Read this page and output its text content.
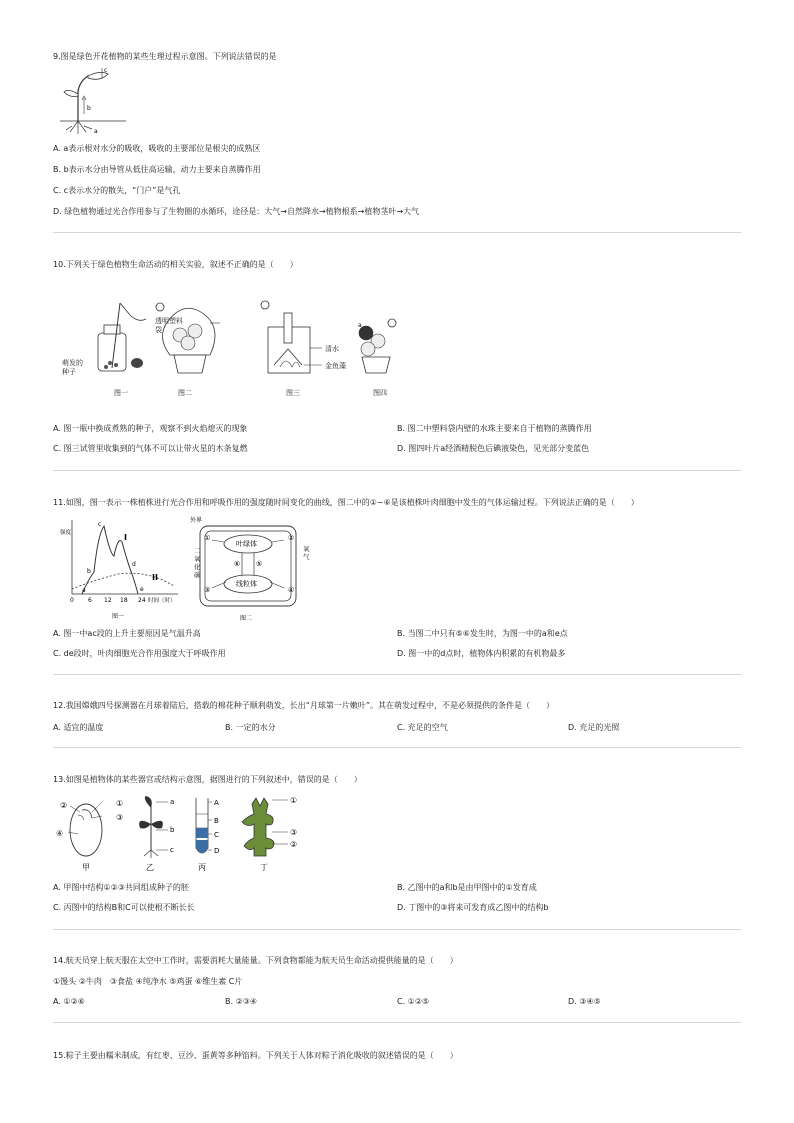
9.图是绿色开花植物的某些生理过程示意图。下列说法错误的是
c
b
a
A. a表示根对水分的吸收，吸收的主要部位是根尖的成熟区
B. b表示水分由导管从低往高运输，动力主要来自蒸腾作用
C. c表示水分的散失，“门户”是气孔
D. 绿色植物通过光合作用参与了生物圈的水循环，途径是：大气→自然降水→植物根系→植物茎叶→大气
10.下列关于绿色植物生命活动的相关实验，叙述不正确的是（　　）
a
透明塑料袋
萌发的种子
清水
金鱼藻
图一	图二	图三	图四
A. 图一瓶中换成煮熟的种子，观察不到火焰熄灭的现象	B. 图二中塑料袋内壁的水珠主要来自于植物的蒸腾作用
C. 图三试管里收集到的气体不可以让带火星的木条复燃	D. 图四叶片a经酒精脱色后碘液染色，见光部分变蓝色
11.如图，图一表示一株植株进行光合作用和呼吸作用的强度随时间变化的曲线，图二中的①~⑥是该植株叶肉细胞中发生的气体运输过程。下列说法正确的是（　　）
强度
0 6 12 18 24 时间（时）
I
II
a
b
c
d
e
图一
外界
叶绿体
线粒体
⑥ ⑤
①	②
③	④
图二
二氧化碳
氧气
A. 图一中ac段的上升主要原因是气温升高	B. 当图二中只有⑤⑥发生时，为图一中的a和e点
C. de段时，叶肉细胞光合作用强度大于呼吸作用	D. 图一中的d点时，植物体内积累的有机物最多
12.我国嫦娥四号探测器在月球着陆后，搭载的棉花种子顺利萌发，长出“月球第一片嫩叶”。其在萌发过程中，不是必须提供的条件是（　　）
A. 适宜的温度	B. 一定的水分	C. 充足的空气	D. 充足的光照
13.如图是植物体的某些器官或结构示意图，据图进行的下列叙述中，错误的是（　　）
②	①
③
④
a
b
c
A
B
C
D
①
③
②
甲	乙	丙	丁
A. 甲图中结构①②③共同组成种子的胚	B. 乙图中的a和b是由甲图中的①发育成
C. 丙图中的结构B和C可以使根不断长长	D. 丁图中的③将来可发育成乙图中的结构b
14.航天员穿上航天服在太空中工作时，需要消耗大量能量。下列食物都能为航天员生命活动提供能量的是（　　）
①馒头 ②牛肉　③食盐 ④纯净水 ⑤鸡蛋 ⑥维生素 C片
A. ①②⑥	B. ②③④	C. ①②⑤	D. ③④⑤
15.粽子主要由糯米制成，有红枣、豆沙、蛋黄等多种馅料。下列关于人体对粽子消化吸收的叙述错误的是（　　）
